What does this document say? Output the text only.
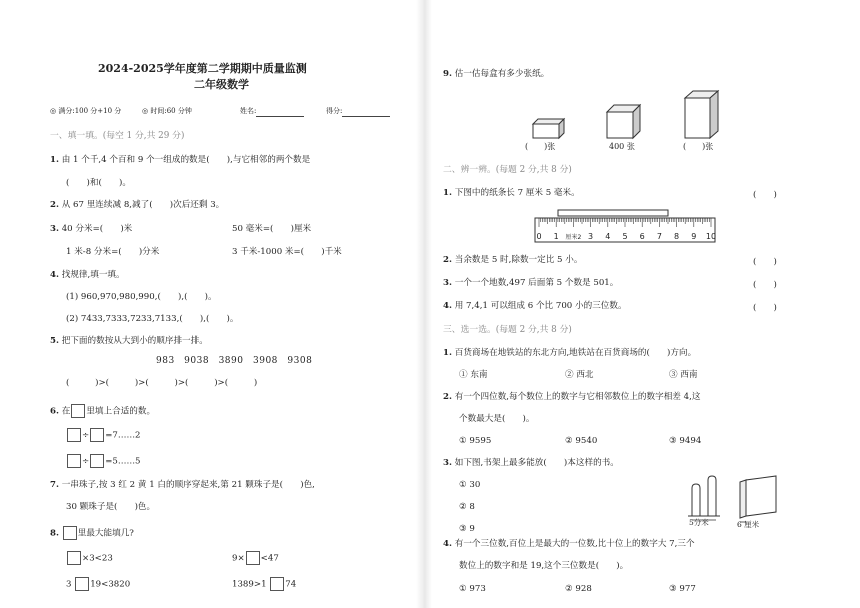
2024-2025学年度第二学期期中质量监测
二年级数学
◎ 满分:100 分+10 分	◎ 时间:60 分钟	姓名:	得分:
一、填一填。(每空 1 分,共 29 分)
1. 由 1 个千,4 个百和 9 个一组成的数是(　　),与它相邻的两个数是
(　　)和(　　)。
2. 从 67 里连续减 8,减了(　　)次后还剩 3。
3. 40 分米=(　　)米	50 毫米=(　　)厘米
1 米-8 分米=(　　)分米	3 千米-1000 米=(　　)千米
4. 找规律,填一填。
(1) 960,970,980,990,(　　),(　　)。
(2) 7433,7333,7233,7133,(　　),(　　)。
5. 把下面的数按从大到小的顺序排一排。
983　9038　3890　3908　9308
(　　　)>(　　　)>(　　　)>(　　　)>(　　　)
6. 在 里填上合适的数。
÷ =7……2
÷ =5……5
7. 一串珠子,按 3 红 2 黄 1 白的顺序穿起来,第 21 颗珠子是(　　)色,
30 颗珠子是(　　)色。
8. 里最大能填几?
×3<23	9× <47
3 19<3820	1389>1 74
9. 估一估每盒有多少张纸。
(　　)张	400 张	(　　)张
二、辨一辨。(每题 2 分,共 8 分)
1. 下图中的纸条长 7 厘米 5 毫米。	(　　)
0 1 厘米2 3 4 5 6 7 8 9 10
2. 当余数是 5 时,除数一定比 5 小。	(　　)
3. 一个一个地数,497 后面第 5 个数是 501。	(　　)
4. 用 7,4,1 可以组成 6 个比 700 小的三位数。	(　　)
三、选一选。(每题 2 分,共 8 分)
1. 百货商场在地铁站的东北方向,地铁站在百货商场的(　　)方向。
① 东南	② 西北	③ 西南
2. 有一个四位数,每个数位上的数字与它相邻数位上的数字相差 4,这
个数最大是(　　)。
① 9595	② 9540	③ 9494
3. 如下图,书架上最多能放(　　)本这样的书。
① 30
② 8
③ 9
5分米	6 厘米
4. 有一个三位数,百位上是最大的一位数,比十位上的数字大 7,三个
数位上的数字和是 19,这个三位数是(　　)。
① 973	② 928	③ 977
